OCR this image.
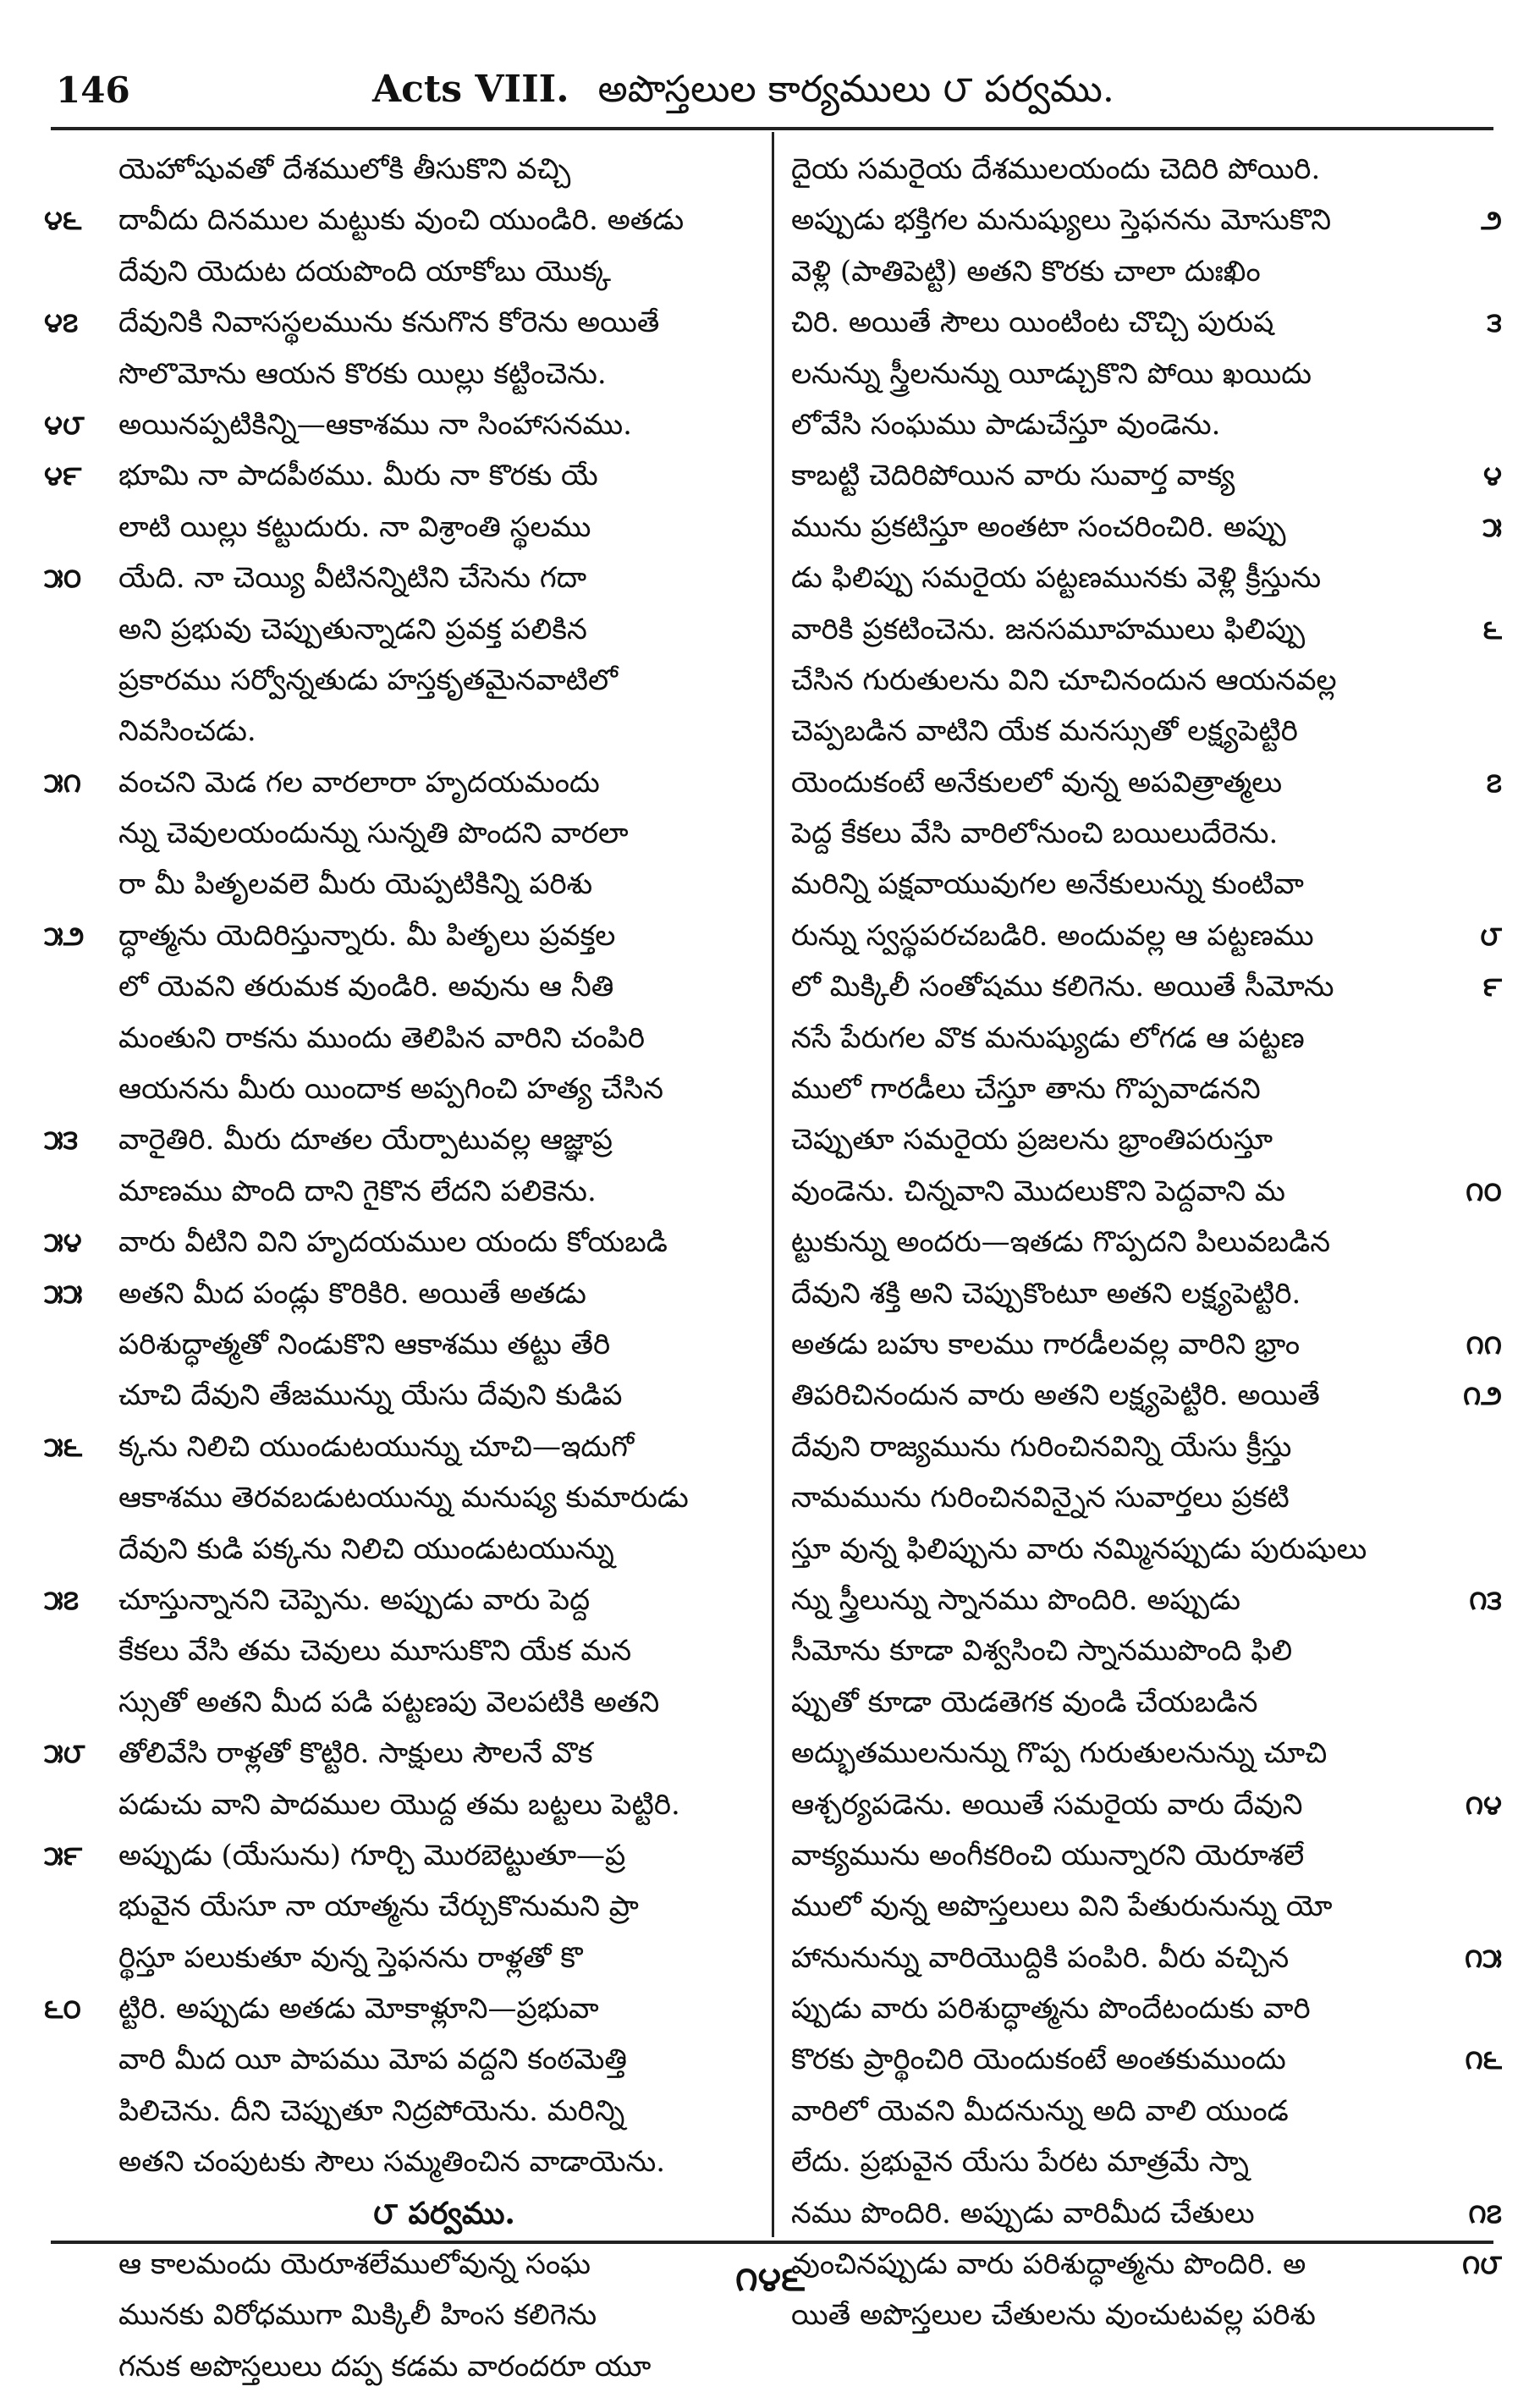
146	Acts VIII. అపొస్తలుల కార్యములు ౮ పర్వము.
యెహోషువతో దేశములోకి తీసుకొని వచ్చి
౪౬ దావీదు దినముల మట్టుకు వుంచి యుండిరి. అతడు
దేవుని యెదుట దయపొంది యాకోబు యొక్క
౪౭ దేవునికి నివాసస్థలమును కనుగొన కోరెను అయితే
సొలొమోను ఆయన కొరకు యిల్లు కట్టించెను.
౪౮ అయినప్పటికిన్ని—ఆకాశము నా సింహాసనము.
౪౯ భూమి నా పాదపీఠము. మీరు నా కొరకు యే
లాటి యిల్లు కట్టుదురు. నా విశ్రాంతి స్థలము
౫౦ యేది. నా చెయ్యి వీటినన్నిటిని చేసెను గదా
అని ప్రభువు చెప్పుతున్నాడని ప్రవక్త పలికిన
ప్రకారము సర్వోన్నతుడు హస్తకృతమైనవాటిలో
నివసించడు.
౫౧ వంచని మెడ గల వారలారా హృదయమందు
న్ను చెవులయందున్ను సున్నతి పొందని వారలా
రా మీ పితృలవలె మీరు యెప్పటికిన్ని పరిశు
౫౨ ద్ధాత్మను యెదిరిస్తున్నారు. మీ పితృలు ప్రవక్తల
లో యెవని తరుమక వుండిరి. అవును ఆ నీతి
మంతుని రాకను ముందు తెలిపిన వారిని చంపిరి
ఆయనను మీరు యిందాక అప్పగించి హత్య చేసిన
౫౩ వారైతిరి. మీరు దూతల యేర్పాటువల్ల ఆజ్ఞాప్ర
మాణము పొంది దాని గైకొన లేదని పలికెను.
౫౪ వారు వీటిని విని హృదయముల యందు కోయబడి
౫౫ అతని మీద పండ్లు కొరికిరి. అయితే అతడు
పరిశుద్ధాత్మతో నిండుకొని ఆకాశము తట్టు తేరి
చూచి దేవుని తేజమున్ను యేసు దేవుని కుడిప
౫౬ క్కను నిలిచి యుండుటయున్ను చూచి—ఇదుగో
ఆకాశము తెరవబడుటయున్ను మనుష్య కుమారుడు
దేవుని కుడి పక్కను నిలిచి యుండుటయున్ను
౫౭ చూస్తున్నానని చెప్పెను. అప్పుడు వారు పెద్ద
కేకలు వేసి తమ చెవులు మూసుకొని యేక మన
స్సుతో అతని మీద పడి పట్టణపు వెలపటికి అతని
౫౮ తోలివేసి రాళ్లతో కొట్టిరి. సాక్షులు సౌలనే వొక
పడుచు వాని పాదముల యొద్ద తమ బట్టలు పెట్టిరి.
౫౯ అప్పుడు (యేసును) గూర్చి మొరబెట్టుతూ—ప్ర
భువైన యేసూ నా యాత్మను చేర్చుకొనుమని ప్రా
ర్థిస్తూ పలుకుతూ వున్న స్తెఫనను రాళ్లతో కొ
౬౦ ట్టిరి. అప్పుడు అతడు మోకాళ్లూని—ప్రభువా
వారి మీద యీ పాపము మోప వద్దని కంఠమెత్తి
పిలిచెను. దీని చెప్పుతూ నిద్రపోయెను. మరిన్ని
అతని చంపుటకు సౌలు సమ్మతించిన వాడాయెను.
౮ పర్వము.
ఆ కాలమందు యెరూశలేములోవున్న సంఘ
మునకు విరోధముగా మిక్కిలీ హింస కలిగెను
గనుక అపొస్తలులు దప్ప కడమ వారందరూ యూ
దైయ సమరైయ దేశములయందు చెదిరి పోయిరి.
౨
అప్పుడు భక్తిగల మనుష్యులు స్తెఫనను మోసుకొని
వెళ్లి (పాతిపెట్టి) అతని కొరకు చాలా దుఃఖిం
౩
చిరి. అయితే సౌలు యింటింట చొచ్చి పురుష
లనున్ను స్త్రీలనున్ను యీడ్చుకొని పోయి ఖయిదు
లోవేసి సంఘము పాడుచేస్తూ వుండెను.
౪
కాబట్టి చెదిరిపోయిన వారు సువార్త వాక్య
౫
మును ప్రకటిస్తూ అంతటా సంచరించిరి. అప్పు
డు ఫిలిప్పు సమరైయ పట్టణమునకు వెళ్లి క్రీస్తును
౬
వారికి ప్రకటించెను. జనసమూహములు ఫిలిప్పు
చేసిన గురుతులను విని చూచినందున ఆయనవల్ల
చెప్పబడిన వాటిని యేక మనస్సుతో లక్ష్యపెట్టిరి
౭
యెందుకంటే అనేకులలో వున్న అపవిత్రాత్మలు
పెద్ద కేకలు వేసి వారిలోనుంచి బయిలుదేరెను.
మరిన్ని పక్షవాయువుగల అనేకులున్ను కుంటివా
౮
రున్ను స్వస్థపరచబడిరి. అందువల్ల ఆ పట్టణము
౯
లో మిక్కిలీ సంతోషము కలిగెను. అయితే సీమోను
నసే పేరుగల వొక మనుష్యుడు లోగడ ఆ పట్టణ
ములో గారడీలు చేస్తూ తాను గొప్పవాడనని
చెప్పుతూ సమరైయ ప్రజలను భ్రాంతిపరుస్తూ
౧౦
వుండెను. చిన్నవాని మొదలుకొని పెద్దవాని మ
ట్టుకున్ను అందరు—ఇతడు గొప్పదని పిలువబడిన
దేవుని శక్తి అని చెప్పుకొంటూ అతని లక్ష్యపెట్టిరి.
౧౧
అతడు బహు కాలము గారడీలవల్ల వారిని భ్రాం
౧౨
తిపరిచినందున వారు అతని లక్ష్యపెట్టిరి. అయితే
దేవుని రాజ్యమును గురించినవిన్ని యేసు క్రీస్తు
నామమును గురించినవిన్నైన సువార్తలు ప్రకటి
స్తూ వున్న ఫిలిప్పును వారు నమ్మినప్పుడు పురుషులు
౧౩
న్ను స్త్రీలున్ను స్నానము పొందిరి. అప్పుడు
సీమోను కూడా విశ్వసించి స్నానముపొంది ఫిలి
ప్పుతో కూడా యెడతెగక వుండి చేయబడిన
అద్భుతములనున్ను గొప్ప గురుతులనున్ను చూచి
౧౪
ఆశ్చర్యపడెను. అయితే సమరైయ వారు దేవుని
వాక్యమును అంగీకరించి యున్నారని యెరూశలే
ములో వున్న అపొస్తలులు విని పేతురునున్ను యో
౧౫
హానునున్ను వారియొద్దికి పంపిరి. వీరు వచ్చిన
ప్పుడు వారు పరిశుద్ధాత్మను పొందేటందుకు వారి
౧౬
కొరకు ప్రార్థించిరి యెందుకంటే అంతకుముందు
వారిలో యెవని మీదనున్ను అది వాలి యుండ
లేదు. ప్రభువైన యేసు పేరట మాత్రమే స్నా
౧౭
నము పొందిరి. అప్పుడు వారిమీద చేతులు
౧౮
వుంచినప్పుడు వారు పరిశుద్ధాత్మను పొందిరి. అ
యితే అపొస్తలుల చేతులను వుంచుటవల్ల పరిశు
౧౪౬
